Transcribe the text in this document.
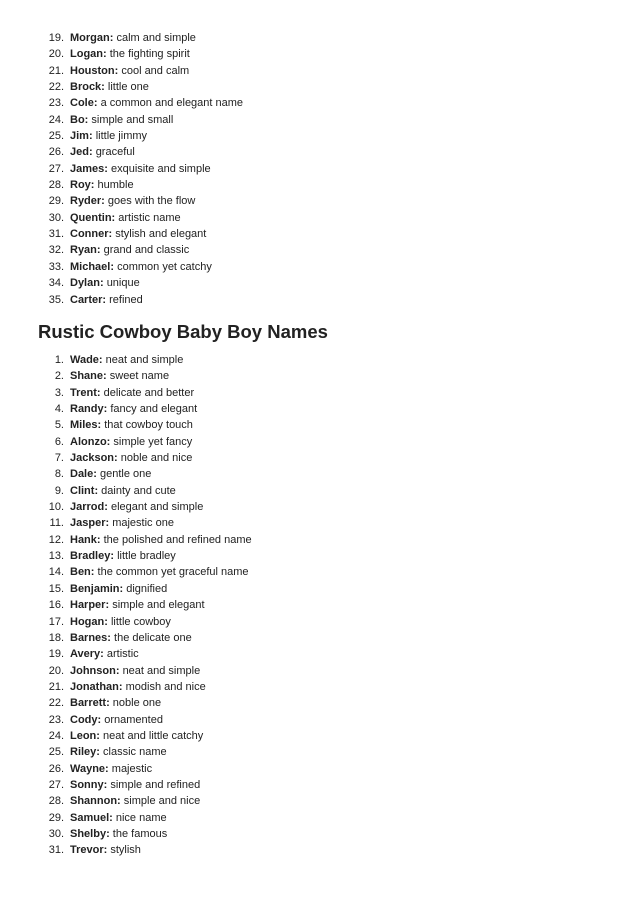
19. Morgan: calm and simple
20. Logan: the fighting spirit
21. Houston: cool and calm
22. Brock: little one
23. Cole: a common and elegant name
24. Bo: simple and small
25. Jim: little jimmy
26. Jed: graceful
27. James: exquisite and simple
28. Roy: humble
29. Ryder: goes with the flow
30. Quentin: artistic name
31. Conner: stylish and elegant
32. Ryan: grand and classic
33. Michael: common yet catchy
34. Dylan: unique
35. Carter: refined
Rustic Cowboy Baby Boy Names
1. Wade: neat and simple
2. Shane: sweet name
3. Trent: delicate and better
4. Randy: fancy and elegant
5. Miles: that cowboy touch
6. Alonzo: simple yet fancy
7. Jackson: noble and nice
8. Dale: gentle one
9. Clint: dainty and cute
10. Jarrod: elegant and simple
11. Jasper: majestic one
12. Hank: the polished and refined name
13. Bradley: little bradley
14. Ben: the common yet graceful name
15. Benjamin: dignified
16. Harper: simple and elegant
17. Hogan: little cowboy
18. Barnes: the delicate one
19. Avery: artistic
20. Johnson: neat and simple
21. Jonathan: modish and nice
22. Barrett: noble one
23. Cody: ornamented
24. Leon: neat and little catchy
25. Riley: classic name
26. Wayne: majestic
27. Sonny: simple and refined
28. Shannon: simple and nice
29. Samuel: nice name
30. Shelby: the famous
31. Trevor: stylish
